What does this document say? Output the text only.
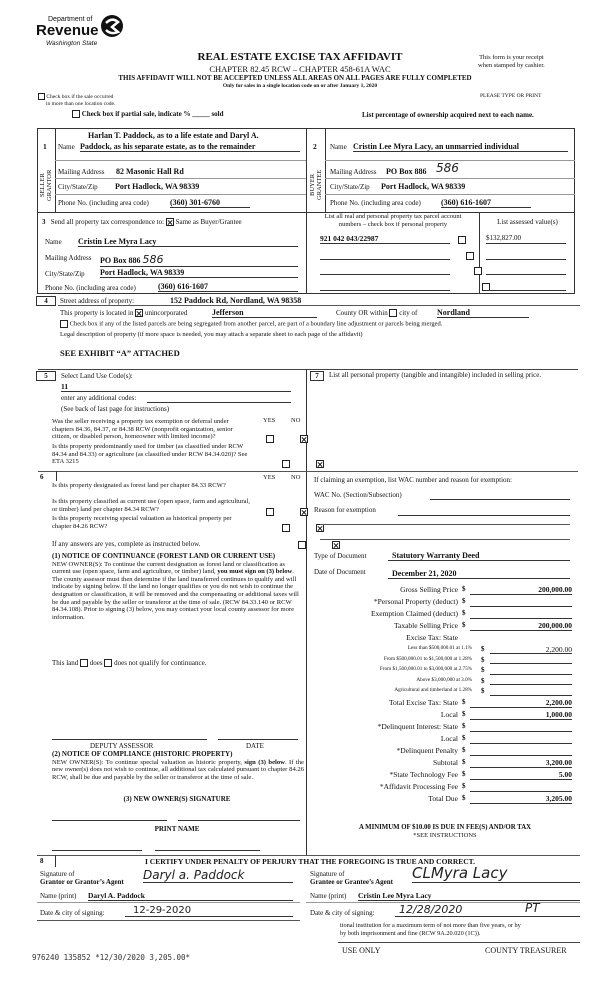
Department of
Revenue
Washington State
REAL ESTATE EXCISE TAX AFFIDAVIT
CHAPTER 82.45 RCW – CHAPTER 458-61A WAC
THIS AFFIDAVIT WILL NOT BE ACCEPTED UNLESS ALL AREAS ON ALL PAGES ARE FULLY COMPLETED
Only for sales in a single location code on or after January 1, 2020
This form is your receipt
when stamped by cashier.
Check box if the sale occurred
in more than one location code.
PLEASE TYPE OR PRINT
Check box if partial sale, indicate % _____ sold	List percentage of ownership acquired next to each name.
1
SELLER
GRANTOR
Name
Harlan T. Paddock, as to a life estate and Daryl A.
Paddock, as his separate estate, as to the remainder
Mailing Address 82 Masonic Hall Rd
City/State/Zip Port Hadlock, WA 98339
Phone No. (including area code)	(360) 301-6760
2
BUYER
GRANTEE
Name Cristin Lee Myra Lacy, an unmarried individual
Mailing Address PO Box 886 586
City/State/Zip Port Hadlock, WA 98339
Phone No. (including area code)	(360) 616-1607
3 Send all property tax correspondence to: Same as Buyer/Grantee
Name Cristin Lee Myra Lacy
Mailing Address PO Box 886 586
City/State/Zip Port Hadlock, WA 98339
Phone No. (including area code)	(360) 616-1607
List all real and personal property tax parcel account
numbers – check box if personal property	List assessed value(s)
921 042 043/22987	$132,827.00
4	Street address of property:	152 Paddock Rd, Nordland, WA 98358
This property is located in unincorporated	Jefferson	County OR within city of Nordland
Check box if any of the listed parcels are being segregated from another parcel, are part of a boundary line adjustment or parcels being merged.
Legal description of property (if more space is needed, you may attach a separate sheet to each page of the affidavit)
SEE EXHIBIT “A” ATTACHED
5	Select Land Use Code(s):
11
enter any additional codes:
(See back of last page for instructions)
YES NO
Was the seller receiving a property tax exemption or deferral under chapters 84.36, 84.37, or 84.38 RCW (nonprofit organization, senior citizen, or disabled person, homeowner with limited income)?
Is this property predominantly used for timber (as classified under RCW 84.34 and 84.33) or agriculture (as classified under RCW 84.34.020)? See ETA 3215
6	YES NO
Is this property designated as forest land per chapter 84.33 RCW?
Is this property classified as current use (open space, farm and agricultural, or timber) land per chapter 84.34 RCW?
Is this property receiving special valuation as historical property per chapter 84.26 RCW?
If any answers are yes, complete as instructed below.
(1) NOTICE OF CONTINUANCE (FOREST LAND OR CURRENT USE)
NEW OWNER(S): To continue the current designation as forest land or classification as current use (open space, farm and agriculture, or timber) land, you must sign on (3) below. The county assessor must then determine if the land transferred continues to qualify and will indicate by signing below. If the land no longer qualifies or you do not wish to continue the designation or classification, it will be removed and the compensating or additional taxes will be due and payable by the seller or transferor at the time of sale. (RCW 84.33.140 or RCW 84.34.108). Prior to signing (3) below, you may contact your local county assessor for more information.
This land does does not qualify for continuance.
DEPUTY ASSESSOR	DATE
(2) NOTICE OF COMPLIANCE (HISTORIC PROPERTY)
NEW OWNER(S): To continue special valuation as historic property, sign (3) below. If the new owner(s) does not wish to continue, all additional tax calculated pursuant to chapter 84.26 RCW, shall be due and payable by the seller or transferor at the time of sale.
(3) NEW OWNER(S) SIGNATURE
PRINT NAME
7	List all personal property (tangible and intangible) included in selling price.
If claiming an exemption, list WAC number and reason for exemption:
WAC No. (Section/Subsection)
Reason for exemption
Type of Document	Statutory Warranty Deed
Date of Document	December 21, 2020
Gross Selling Price $	200,000.00
*Personal Property (deduct) $
Exemption Claimed (deduct) $
Taxable Selling Price $	200,000.00
Excise Tax: State
Less than $500,000.01 at 1.1% $	2,200.00
From $500,000.01 to $1,500,000 at 1.28% $
From $1,500,000.01 to $3,000,000 at 2.75% $
Above $3,000,000 at 3.0% $
Agricultural and timberland at 1.28% $
Total Excise Tax: State $	2,200.00
Local $	1,000.00
*Delinquent Interest: State $
Local $
*Delinquent Penalty $
Subtotal $	3,200.00
*State Technology Fee $	5.00
*Affidavit Processing Fee $
Total Due $	3,205.00
A MINIMUM OF $10.00 IS DUE IN FEE(S) AND/OR TAX
*SEE INSTRUCTIONS
8	I CERTIFY UNDER PENALTY OF PERJURY THAT THE FOREGOING IS TRUE AND CORRECT.
Signature of
Grantor or Grantor’s Agent Daryl a. Paddock
Name (print) Daryl A. Paddock
Date & city of signing:	12-29-2020
Signature of
Grantee or Grantee’s Agent CLMyra Lacy
Name (print) Cristin Lee Myra Lacy
Date & city of signing: 12/28/2020	PT
tional institution for a maximum term of not more than five years, or by
by both imprisonment and fine (RCW 9A.20.020 (1C)).
USE ONLY	COUNTY TREASURER
976240 135852 *12/30/2020 3,205.00*
